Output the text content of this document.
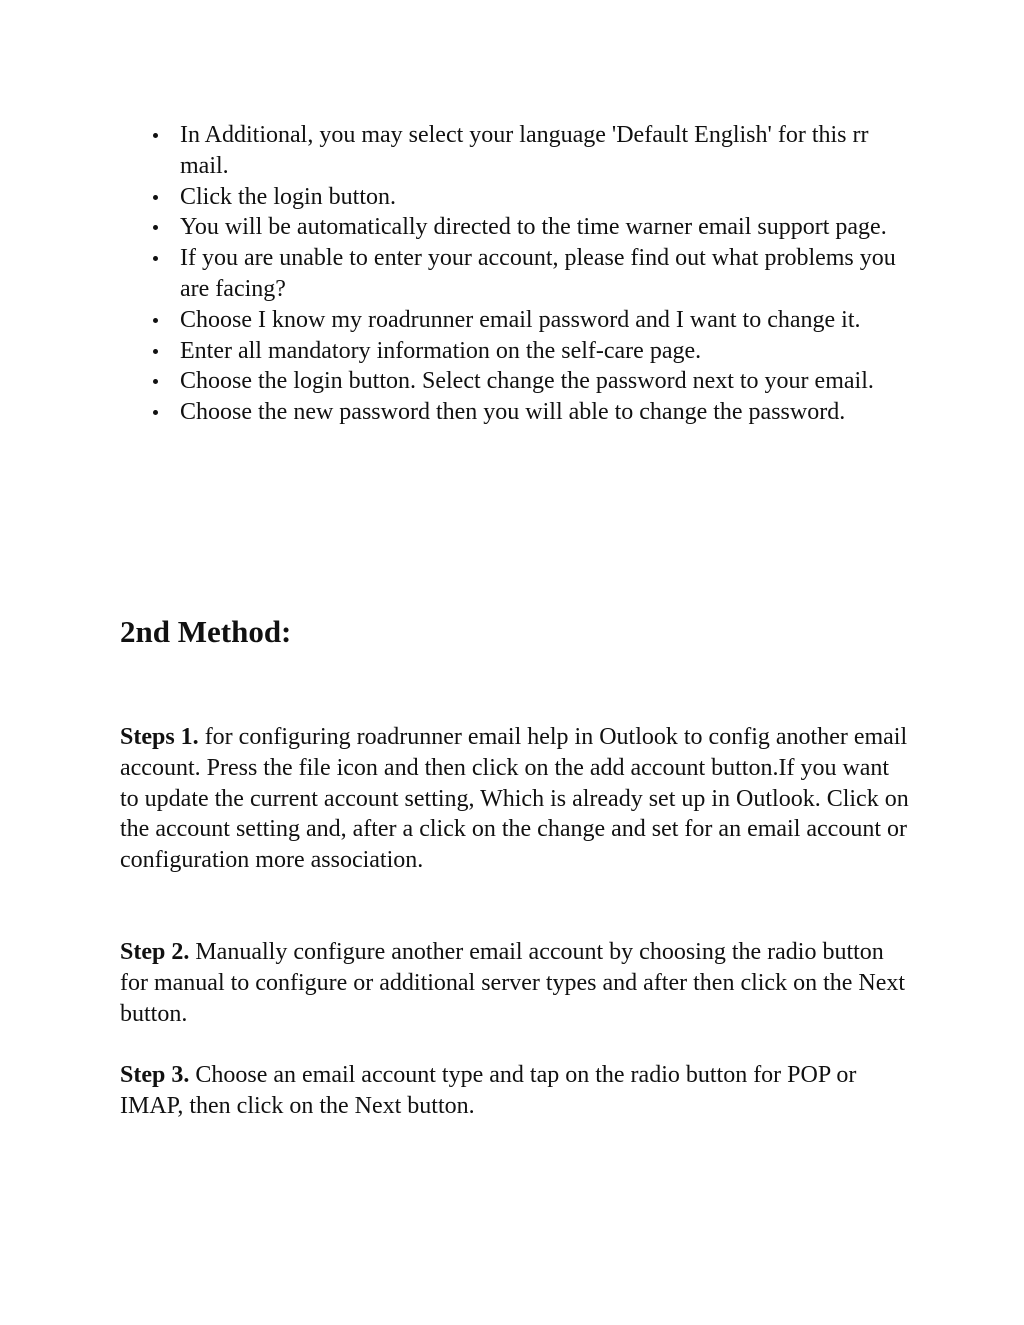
In Additional, you may select your language 'Default English' for this rr mail.
Click the login button.
You will be automatically directed to the time warner email support page.
If you are unable to enter your account, please find out what problems you are facing?
Choose I know my roadrunner email password and I want to change it.
Enter all mandatory information on the self-care page.
Choose the login button. Select change the password next to your email.
Choose the new password then you will able to change the password.
2nd Method:

Steps 1. for configuring roadrunner email help in Outlook to config another email account. Press the file icon and then click on the add account button.If you want to update the current account setting, Which is already set up in Outlook. Click on the account setting and, after a click on the change and set for an email account or configuration more association.

Step 2. Manually configure another email account by choosing the radio button for manual to configure or additional server types and after then click on the Next button.

Step 3. Choose an email account type and tap on the radio button for POP or IMAP, then click on the Next button.
